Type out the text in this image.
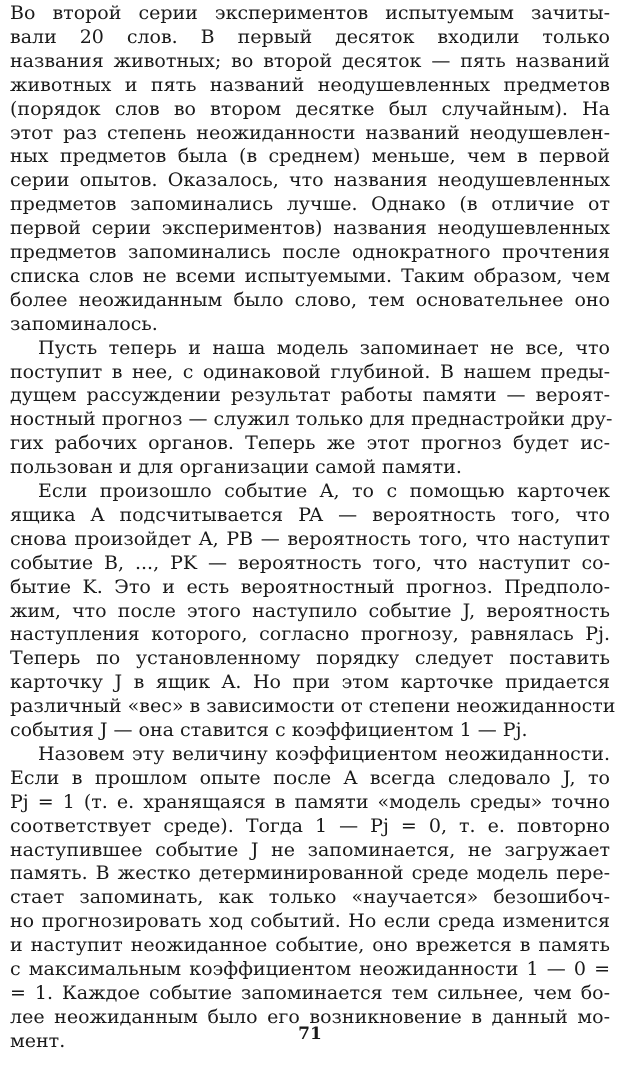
Во второй серии экспериментов испытуемым зачиты-
вали 20 слов. В первый десяток входили только
названия животных; во второй десяток — пять названий
животных и пять названий неодушевленных предметов
(порядок слов во втором десятке был случайным). На
этот раз степень неожиданности названий неодушевлен-
ных предметов была (в среднем) меньше, чем в первой
серии опытов. Оказалось, что названия неодушевленных
предметов запоминались лучше. Однако (в отличие от
первой серии экспериментов) названия неодушевленных
предметов запоминались после однократного прочтения
списка слов не всеми испытуемыми. Таким образом, чем
более неожиданным было слово, тем основательнее оно
запоминалось.
Пусть теперь и наша модель запоминает не все, что
поступит в нее, с одинаковой глубиной. В нашем преды-
дущем рассуждении результат работы памяти — вероят-
ностный прогноз — служил только для преднастройки дру-
гих рабочих органов. Теперь же этот прогноз будет ис-
пользован и для организации самой памяти.
Если произошло событие A, то с помощью карточек
ящика A подсчитывается PA — вероятность того, что
снова произойдет A, PB — вероятность того, что наступит
событие B, ..., PK — вероятность того, что наступит со-
бытие K. Это и есть вероятностный прогноз. Предполо-
жим, что после этого наступило событие J, вероятность
наступления которого, согласно прогнозу, равнялась Pj.
Теперь по установленному порядку следует поставить
карточку J в ящик A. Но при этом карточке придается
различный «вес» в зависимости от степени неожиданности
события J — она ставится с коэффициентом 1 — Pj.
Назовем эту величину коэффициентом неожиданности.
Если в прошлом опыте после A всегда следовало J, то
Pj = 1 (т. е. хранящаяся в памяти «модель среды» точно
соответствует среде). Тогда 1 — Pj = 0, т. е. повторно
наступившее событие J не запоминается, не загружает
память. В жестко детерминированной среде модель пере-
стает запоминать, как только «научается» безошибоч-
но прогнозировать ход событий. Но если среда изменится
и наступит неожиданное событие, оно врежется в память
с максимальным коэффициентом неожиданности 1 — 0 =
= 1. Каждое событие запоминается тем сильнее, чем бо-
лее неожиданным было его возникновение в данный мо-
мент.	71
